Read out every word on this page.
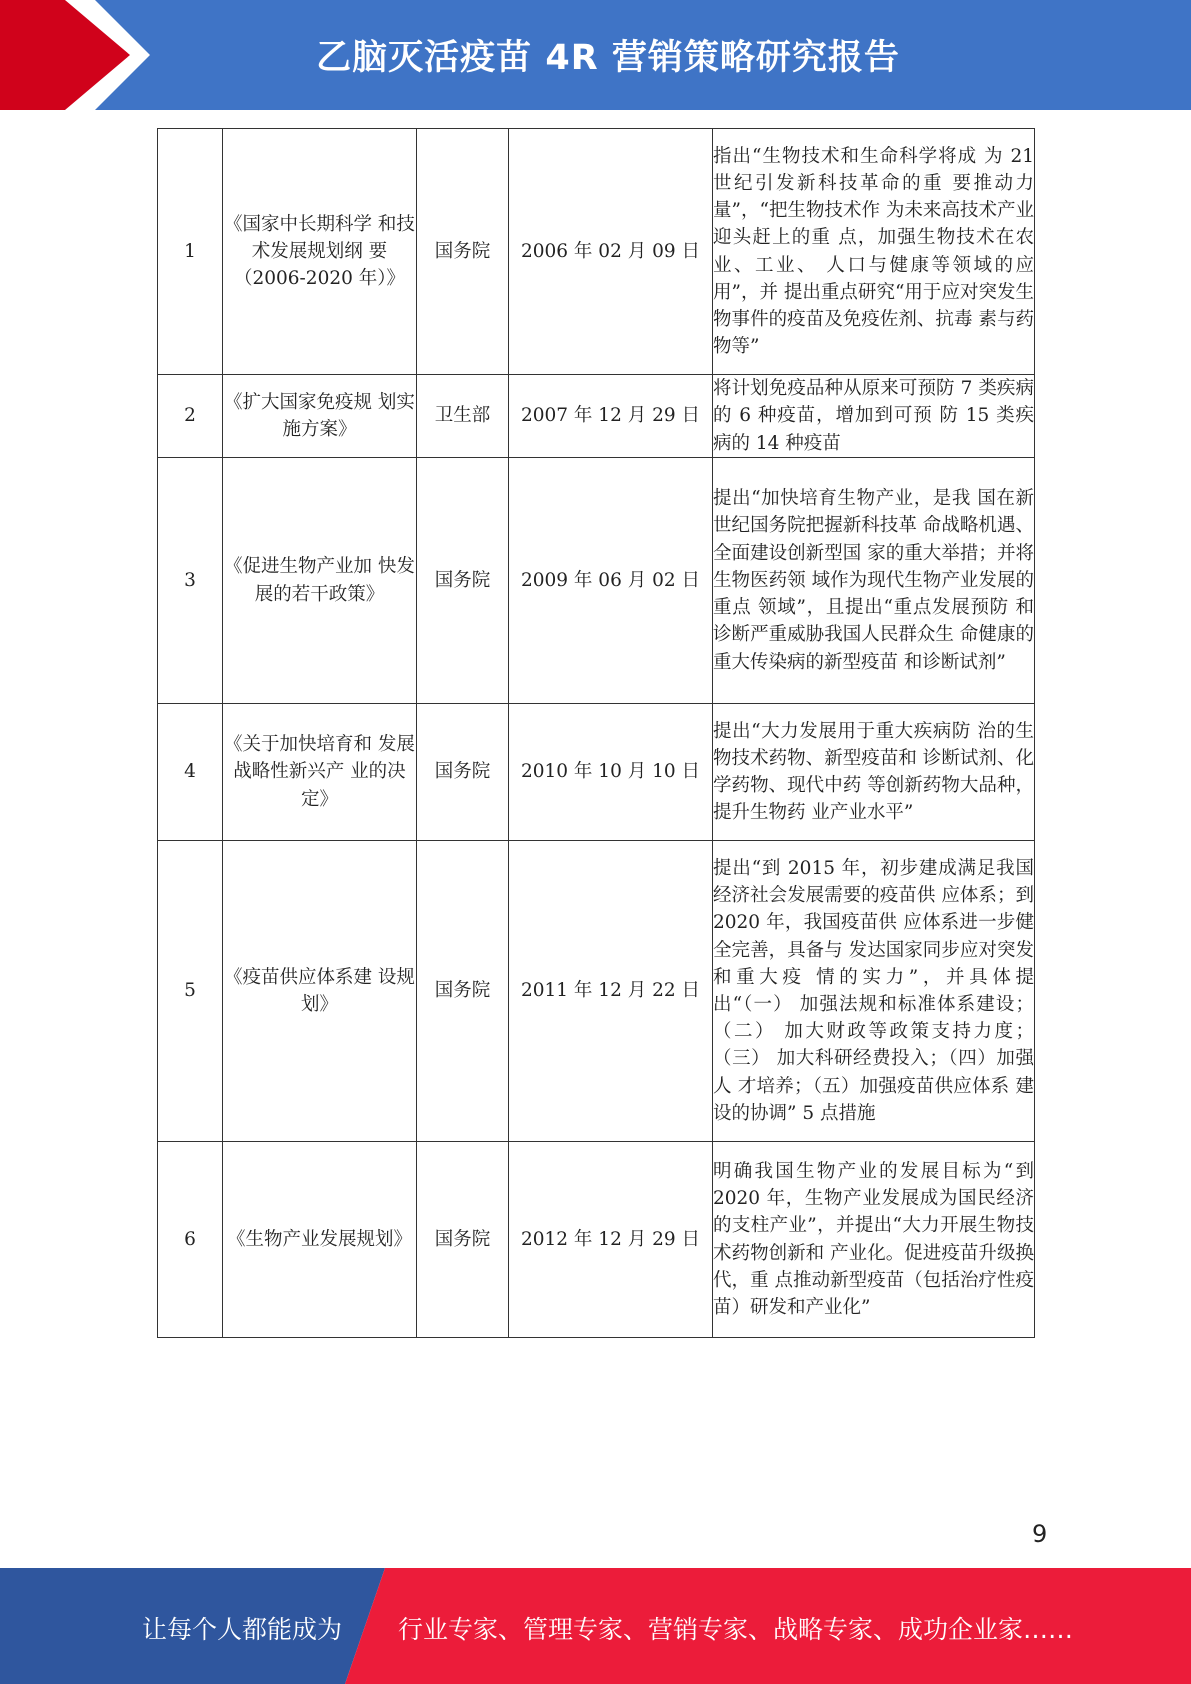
乙脑灭活疫苗 4R 营销策略研究报告
1	《国家中长期科学 和技术发展规划纲 要（2006-2020 年）》	国务院	2006 年 02 月 09 日	指出“生物技术和生命科学将成 为 21 世纪引发新科技革命的重 要推动力量”，“把生物技术作 为未来高技术产业迎头赶上的重 点，加强生物技术在农业、工业、 人口与健康等领域的应用”，并 提出重点研究“用于应对突发生 物事件的疫苗及免疫佐剂、抗毒 素与药物等”
2	《扩大国家免疫规 划实施方案》	卫生部	2007 年 12 月 29 日	将计划免疫品种从原来可预防 7 类疾病的 6 种疫苗，增加到可预 防 15 类疾病的 14 种疫苗
3	《促进生物产业加 快发展的若干政策》	国务院	2009 年 06 月 02 日	提出“加快培育生物产业，是我 国在新世纪国务院把握新科技革 命战略机遇、全面建设创新型国 家的重大举措；并将生物医药领 域作为现代生物产业发展的重点 领域”，且提出“重点发展预防 和诊断严重威胁我国人民群众生 命健康的重大传染病的新型疫苗 和诊断试剂”
4	《关于加快培育和 发展战略性新兴产 业的决定》	国务院	2010 年 10 月 10 日	提出“大力发展用于重大疾病防 治的生物技术药物、新型疫苗和 诊断试剂、化学药物、现代中药 等创新药物大品种，提升生物药 业产业水平”
5	《疫苗供应体系建 设规划》	国务院	2011 年 12 月 22 日	提出“到 2015 年，初步建成满足我国经济社会发展需要的疫苗供 应体系；到 2020 年，我国疫苗供 应体系进一步健全完善，具备与 发达国家同步应对突发和重大疫 情的实力”，并具体提出“（一） 加强法规和标准体系建设；（二） 加大财政等政策支持力度；（三） 加大科研经费投入；（四）加强人 才培养；（五）加强疫苗供应体系 建设的协调” 5 点措施
6	《生物产业发展规划》	国务院	2012 年 12 月 29 日	明确我国生物产业的发展目标为“到 2020 年，生物产业发展成为国民经济的支柱产业”，并提出“大力开展生物技术药物创新和 产业化。促进疫苗升级换代，重 点推动新型疫苗（包括治疗性疫 苗）研发和产业化”
9
让每个人都能成为 行业专家、管理专家、营销专家、战略专家、成功企业家……
